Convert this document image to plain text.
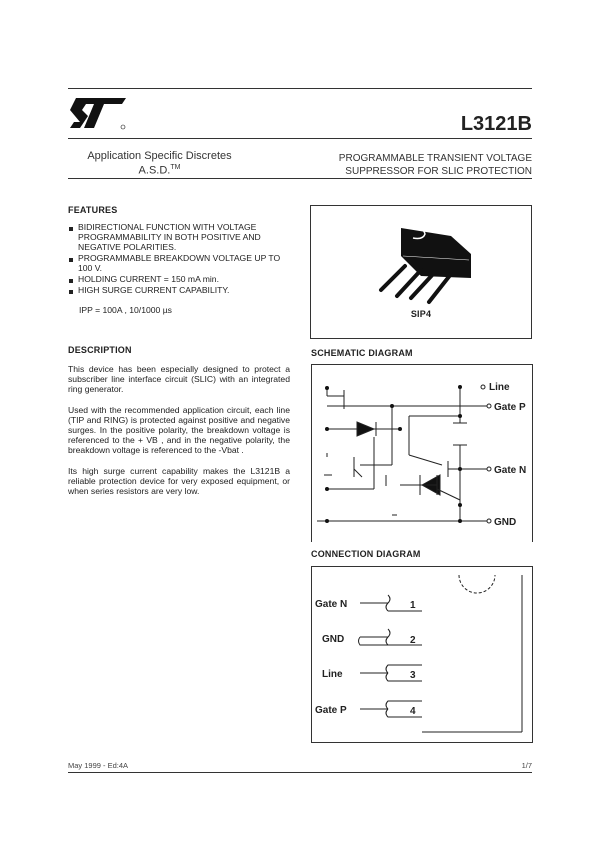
L3121B
Application Specific Discretes
A.S.D.™
PROGRAMMABLE TRANSIENT VOLTAGE
SUPPRESSOR FOR SLIC PROTECTION
FEATURES
BIDIRECTIONAL FUNCTION WITH VOLTAGE PROGRAMMABILITY IN BOTH POSITIVE AND NEGATIVE POLARITIES.
PROGRAMMABLE BREAKDOWN VOLTAGE UP TO 100 V.
HOLDING CURRENT = 150 mA min.
HIGH SURGE CURRENT CAPABILITY.
IPP = 100A , 10/1000 µs	SIP4
DESCRIPTION

This device has been especially designed to protect a subscriber line interface circuit (SLIC) with an integrated ring generator.

Used with the recommended application circuit, each line (TIP and RING) is protected against positive and negative surges. In the positive polarity, the breakdown voltage is referenced to the + VB , and in the negative polarity, the breakdown voltage is referenced to the -Vbat .

Its high surge current capability makes the L3121B a reliable protection device for very exposed equipment, or when series resistors are very low.

SCHEMATIC DIAGRAM
Line
Gate P
Gate N
GND
CONNECTION DIAGRAM
Gate N
GND
Line
Gate P
1
2
3
4
May 1999 - Ed:4A	1/7
